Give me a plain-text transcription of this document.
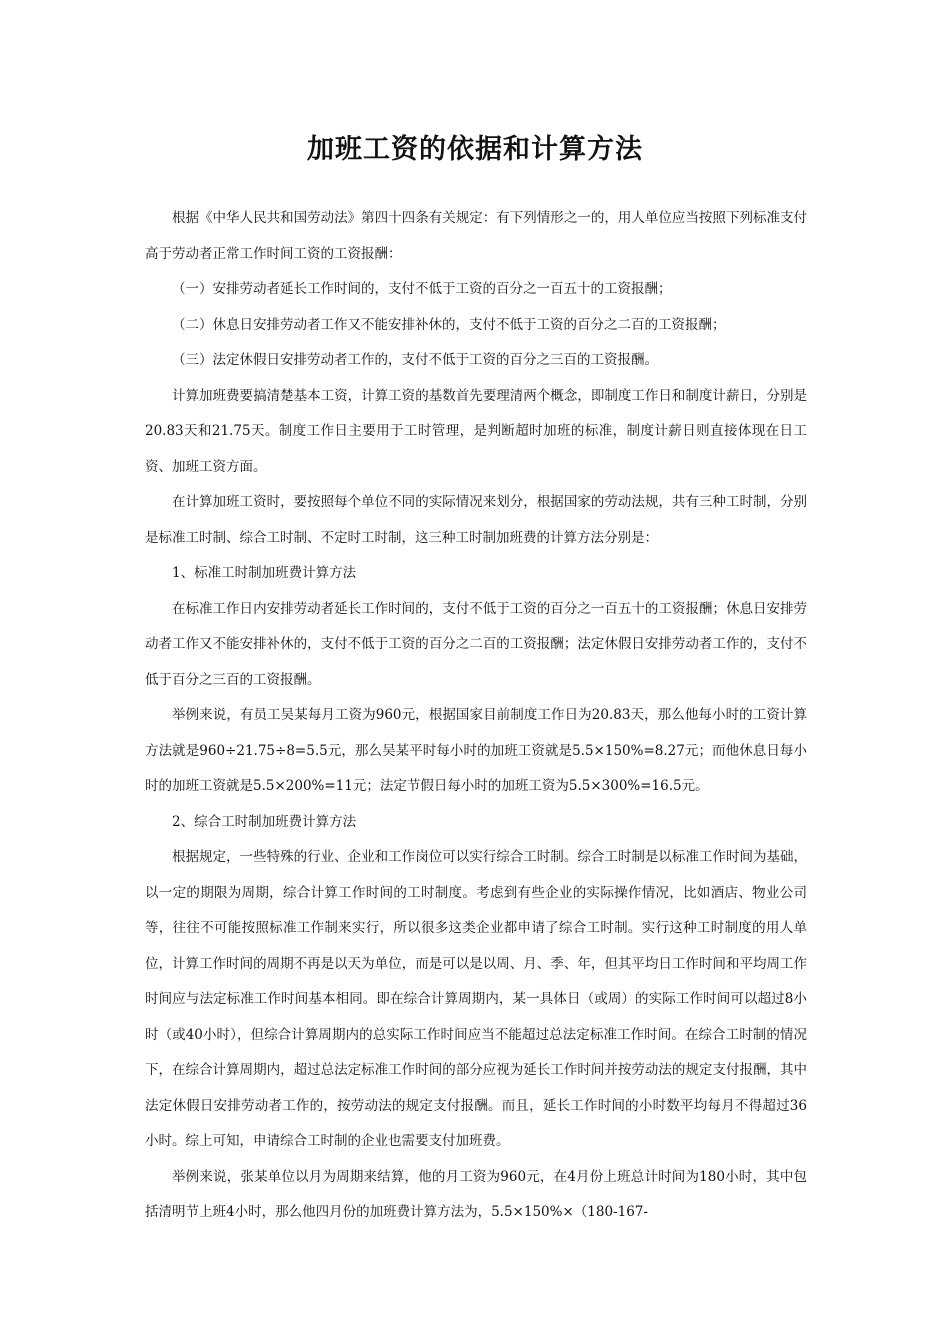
加班工资的依据和计算方法

根据《中华人民共和国劳动法》第四十四条有关规定：有下列情形之一的，用人单位应当按照下列标准支付高于劳动者正常工作时间工资的工资报酬：

（一）安排劳动者延长工作时间的，支付不低于工资的百分之一百五十的工资报酬；

（二）休息日安排劳动者工作又不能安排补休的，支付不低于工资的百分之二百的工资报酬；

（三）法定休假日安排劳动者工作的，支付不低于工资的百分之三百的工资报酬。

计算加班费要搞清楚基本工资，计算工资的基数首先要理清两个概念，即制度工作日和制度计薪日，分别是20.83天和21.75天。制度工作日主要用于工时管理，是判断超时加班的标准，制度计薪日则直接体现在日工资、加班工资方面。

在计算加班工资时，要按照每个单位不同的实际情况来划分，根据国家的劳动法规，共有三种工时制，分别是标准工时制、综合工时制、不定时工时制，这三种工时制加班费的计算方法分别是：

1、标准工时制加班费计算方法

在标准工作日内安排劳动者延长工作时间的，支付不低于工资的百分之一百五十的工资报酬；休息日安排劳动者工作又不能安排补休的，支付不低于工资的百分之二百的工资报酬；法定休假日安排劳动者工作的，支付不低于百分之三百的工资报酬。

举例来说，有员工吴某每月工资为960元，根据国家目前制度工作日为20.83天，那么他每小时的工资计算方法就是960÷21.75÷8=5.5元，那么吴某平时每小时的加班工资就是5.5×150%=8.27元；而他休息日每小时的加班工资就是5.5×200%=11元；法定节假日每小时的加班工资为5.5×300%=16.5元。

2、综合工时制加班费计算方法

根据规定，一些特殊的行业、企业和工作岗位可以实行综合工时制。综合工时制是以标准工作时间为基础，以一定的期限为周期，综合计算工作时间的工时制度。考虑到有些企业的实际操作情况，比如酒店、物业公司等，往往不可能按照标准工作制来实行，所以很多这类企业都申请了综合工时制。实行这种工时制度的用人单位，计算工作时间的周期不再是以天为单位，而是可以是以周、月、季、年，但其平均日工作时间和平均周工作时间应与法定标准工作时间基本相同。即在综合计算周期内，某一具体日（或周）的实际工作时间可以超过8小时（或40小时），但综合计算周期内的总实际工作时间应当不能超过总法定标准工作时间。在综合工时制的情况下，在综合计算周期内，超过总法定标准工作时间的部分应视为延长工作时间并按劳动法的规定支付报酬，其中法定休假日安排劳动者工作的，按劳动法的规定支付报酬。而且，延长工作时间的小时数平均每月不得超过36小时。综上可知，申请综合工时制的企业也需要支付加班费。

举例来说，张某单位以月为周期来结算，他的月工资为960元，在4月份上班总计时间为180小时，其中包括清明节上班4小时，那么他四月份的加班费计算方法为，5.5×150%×（180-167-
